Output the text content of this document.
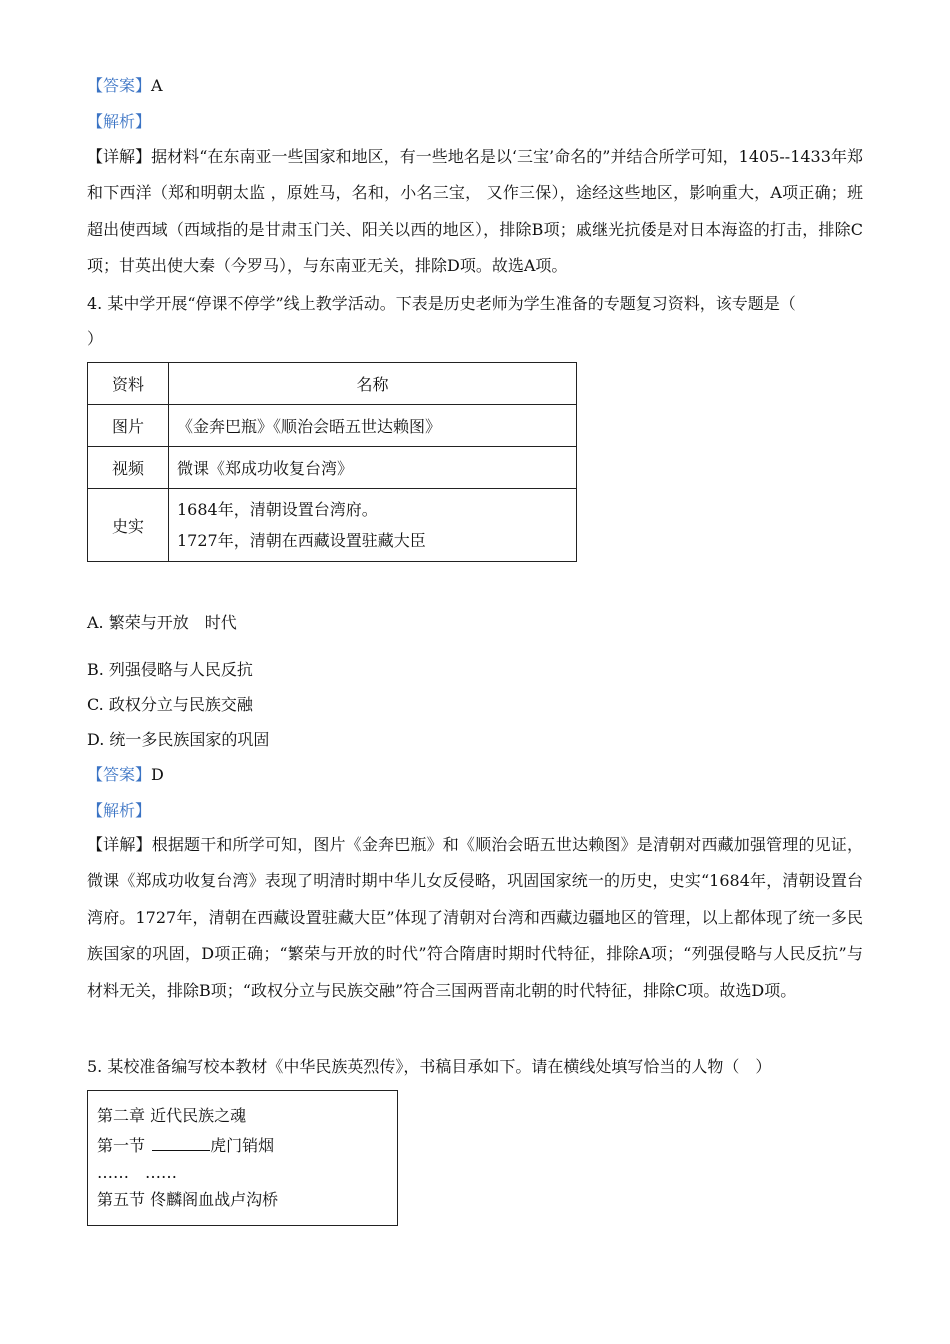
【答案】A
【解析】
【详解】据材料“在东南亚一些国家和地区，有一些地名是以‘三宝’命名的”并结合所学可知，1405--1433年郑和下西洋（郑和明朝太监 ，原姓马，名和，小名三宝， 又作三保），途经这些地区，影响重大，A项正确；班超出使西域（西域指的是甘肃玉门关、阳关以西的地区），排除B项；戚继光抗倭是对日本海盗的打击，排除C项；甘英出使大秦（今罗马），与东南亚无关，排除D项。故选A项。
4. 某中学开展“停课不停学”线上教学活动。下表是历史老师为学生准备的专题复习资料，该专题是（
）
资料	名称
图片	《金奔巴瓶》《顺治会晤五世达赖图》
视频	微课《郑成功收复台湾》
史实	1684年，清朝设置台湾府。
1727年，清朝在西藏设置驻藏大臣
A. 繁荣与开放　时代
B. 列强侵略与人民反抗
C. 政权分立与民族交融
D. 统一多民族国家的巩固
【答案】D
【解析】
【详解】根据题干和所学可知，图片《金奔巴瓶》和《顺治会晤五世达赖图》是清朝对西藏加强管理的见证，微课《郑成功收复台湾》表现了明清时期中华儿女反侵略，巩固国家统一的历史，史实“1684年，清朝设置台湾府。1727年，清朝在西藏设置驻藏大臣”体现了清朝对台湾和西藏边疆地区的管理，以上都体现了统一多民族国家的巩固，D项正确；“繁荣与开放的时代”符合隋唐时期时代特征，排除A项；“列强侵略与人民反抗”与材料无关，排除B项；“政权分立与民族交融”符合三国两晋南北朝的时代特征，排除C项。故选D项。
5. 某校准备编写校本教材《中华民族英烈传》，书稿目承如下。请在横线处填写恰当的人物（　）
第二章 近代民族之魂
第一节	虎门销烟
……　……
第五节 佟麟阁血战卢沟桥
